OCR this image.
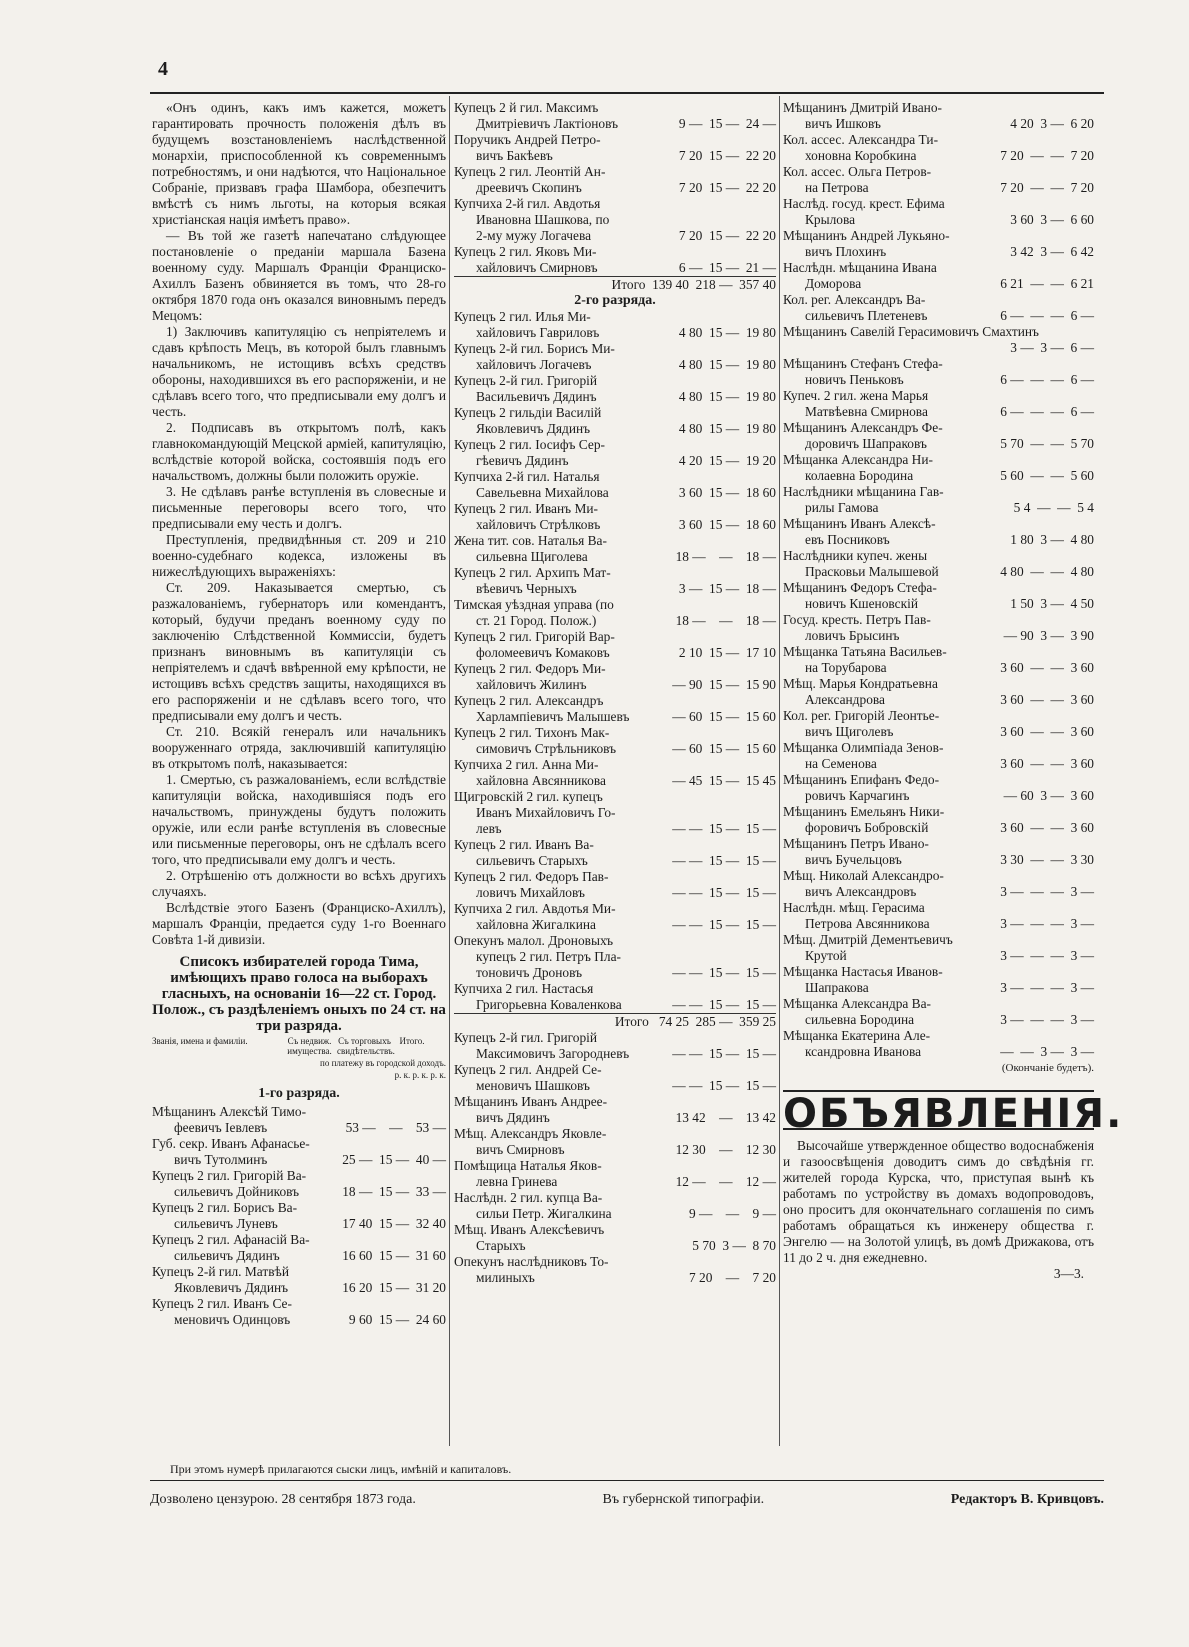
4

«Онъ одинъ, какъ имъ кажется, можетъ гарантировать прочность положенія дѣлъ въ будущемъ возстановленіемъ наслѣдственной монархіи, приспособленной къ современнымъ потребностямъ, и они надѣются, что Національное Собраніе, призвавъ графа Шамбора, обезпечитъ вмѣстѣ съ нимъ льготы, на которыя всякая христіанская нація имѣетъ право».

— Въ той же газетѣ напечатано слѣдующее постановленіе о преданіи маршала Базена военному суду. Маршалъ Франціи Франциско-Ахиллъ Базенъ обвиняется въ томъ, что 28-го октября 1870 года онъ оказался виновнымъ передъ Мецомъ:

1) Заключивъ капитуляцію съ непріятелемъ и сдавъ крѣпость Мецъ, въ которой былъ главнымъ начальникомъ, не истощивъ всѣхъ средствъ обороны, находившихся въ его распоряженіи, и не сдѣлавъ всего того, что предписывали ему долгъ и честь.

2. Подписавъ въ открытомъ полѣ, какъ главнокомандующій Мецской арміей, капитуляцію, вслѣдствіе которой войска, состоявшія подъ его начальствомъ, должны были положить оружіе.

3. Не сдѣлавъ ранѣе вступленія въ словесные и письменные переговоры всего того, что предписывали ему честь и долгъ.

Преступленія, предвидѣнныя ст. 209 и 210 военно-судебнаго кодекса, изложены въ нижеслѣдующихъ выраженіяхъ:

Ст. 209. Наказывается смертью, съ разжалованіемъ, губернаторъ или комендантъ, который, будучи преданъ военному суду по заключенію Слѣдственной Коммиссіи, будетъ признанъ виновнымъ въ капитуляціи съ непріятелемъ и сдачѣ ввѣренной ему крѣпости, не истощивъ всѣхъ средствъ защиты, находящихся въ его распоряженіи и не сдѣлавъ всего того, что предписывали ему долгъ и честь.

Ст. 210. Всякій генералъ или начальникъ вооруженнаго отряда, заключившій капитуляцію въ открытомъ полѣ, наказывается:

1. Смертью, съ разжалованіемъ, если вслѣдствіе капитуляціи войска, находившіяся подъ его начальствомъ, принуждены будутъ положить оружіе, или если ранѣе вступленія въ словесные или письменные переговоры, онъ не сдѣлалъ всего того, что предписывали ему долгъ и честь.

2. Отрѣшенію отъ должности во всѣхъ другихъ случаяхъ.

Вслѣдствіе этого Базенъ (Франциско-Ахиллъ), маршалъ Франціи, предается суду 1-го Военнаго Совѣта 1-й дивизіи.

Списокъ избирателей города Тима, имѣющихъ право голоса на выборахъ гласныхъ, на основаніи 16—22 ст. Город. Полож., съ раздѣленіемъ оныхъ по 24 ст. на три разряда.
Званія, имена и фамиліи.	Съ недвиж. имущества.
Съ торговыхъ свидѣтельствъ.
Итого.
по платежу въ городской доходъ.
р. к. р. к. р. к.
1-го разряда.
Мѣщанинъ Алексѣй Тимо-
феевичъ Іевлевъ	53 —    —    53 —
Губ. секр. Иванъ Афанасье-
вичъ Тутолминъ	25 —  15 —  40 —
Купецъ 2 гил. Григорій Ва-
сильевичъ Дойниковъ	18 —  15 —  33 —
Купецъ 2 гил. Борисъ Ва-
сильевичъ Луневъ	17 40  15 —  32 40
Купецъ 2 гил. Афанасій Ва-
сильевичъ Дядинъ	16 60  15 —  31 60
Купецъ 2-й гил. Матвѣй
Яковлевичъ Дядинъ	16 20  15 —  31 20
Купецъ 2 гил. Иванъ Се-
меновичъ Одинцовъ	9 60  15 —  24 60
Купецъ 2 й гил. Максимъ
Дмитріевичъ Лактіоновъ	9 —  15 —  24 —
Поручикъ Андрей Петро-
вичъ Бакѣевъ	7 20  15 —  22 20
Купецъ 2 гил. Леонтій Ан-
дреевичъ Скопинъ	7 20  15 —  22 20
Купчиха 2-й гил. Авдотья
Ивановна Шашкова, по
2-му мужу Логачева	7 20  15 —  22 20
Купецъ 2 гил. Яковъ Ми-
хайловичъ Смирновъ	6 —  15 —  21 —
Итого  139 40  218 —  357 40
2-го разряда.
Купецъ 2 гил. Илья Ми-
хайловичъ Гавриловъ	4 80  15 —  19 80
Купецъ 2-й гил. Борисъ Ми-
хайловичъ Логачевъ	4 80  15 —  19 80
Купецъ 2-й гил. Григорій
Васильевичъ Дядинъ	4 80  15 —  19 80
Купецъ 2 гильдіи Василій
Яковлевичъ Дядинъ	4 80  15 —  19 80
Купецъ 2 гил. Іосифъ Сер-
гѣевичъ Дядинъ	4 20  15 —  19 20
Купчиха 2-й гил. Наталья
Савельевна Михайлова	3 60  15 —  18 60
Купецъ 2 гил. Иванъ Ми-
хайловичъ Стрѣлковъ	3 60  15 —  18 60
Жена тит. сов. Наталья Ва-
сильевна Щиголева	18 —    —    18 —
Купецъ 2 гил. Архипъ Мат-
вѣевичъ Черныхъ	3 —  15 —  18 —
Тимская уѣздная управа (по
ст. 21 Город. Полож.)	18 —    —    18 —
Купецъ 2 гил. Григорій Вар-
фоломеевичъ Комаковъ	2 10  15 —  17 10
Купецъ 2 гил. Федоръ Ми-
хайловичъ Жилинъ	— 90  15 —  15 90
Купецъ 2 гил. Александръ
Харлампіевичъ Малышевъ	— 60  15 —  15 60
Купецъ 2 гил. Тихонъ Мак-
симовичъ Стрѣльниковъ	— 60  15 —  15 60
Купчиха 2 гил. Анна Ми-
хайловна Авсянникова	— 45  15 —  15 45
Щигровскій 2 гил. купецъ
Иванъ Михайловичъ Го-
левъ	— —  15 —  15 —
Купецъ 2 гил. Иванъ Ва-
сильевичъ Старыхъ	— —  15 —  15 —
Купецъ 2 гил. Федоръ Пав-
ловичъ Михайловъ	— —  15 —  15 —
Купчиха 2 гил. Авдотья Ми-
хайловна Жигалкина	— —  15 —  15 —
Опекунъ малол. Дроновыхъ
купецъ 2 гил. Петръ Пла-
тоновичъ Дроновъ	— —  15 —  15 —
Купчиха 2 гил. Настасья
Григорьевна Коваленкова	— —  15 —  15 —
Итого   74 25  285 —  359 25
Купецъ 2-й гил. Григорій
Максимовичъ Загородневъ	— —  15 —  15 —
Купецъ 2 гил. Андрей Се-
меновичъ Шашковъ	— —  15 —  15 —
Мѣщанинъ Иванъ Андрее-
вичъ Дядинъ	13 42    —    13 42
Мѣщ. Александръ Яковле-
вичъ Смирновъ	12 30    —    12 30
Помѣщица Наталья Яков-
левна Гринева	12 —    —    12 —
Наслѣдн. 2 гил. купца Ва-
сильи Петр. Жигалкина	9 —    —    9 —
Мѣщ. Иванъ Алексѣевичъ
Старыхъ	5 70  3 —  8 70
Опекунъ наслѣдниковъ То-
милиныхъ	7 20    —    7 20
Мѣщанинъ Дмитрій Ивано-
вичъ Ишковъ	4 20  3 —  6 20
Кол. ассес. Александра Ти-
хоновна Коробкина	7 20  —  —  7 20
Кол. ассес. Ольга Петров-
на Петрова	7 20  —  —  7 20
Наслѣд. госуд. крест. Ефима
Крылова	3 60  3 —  6 60
Мѣщанинъ Андрей Лукьяно-
вичъ Плохинъ	3 42  3 —  6 42
Наслѣдн. мѣщанина Ивана
Доморова	6 21  —  —  6 21
Кол. рег. Александръ Ва-
сильевичъ Плетеневъ	6 —  —  —  6 —
Мѣщанинъ Савелій Герасимовичъ Смахтинъ
3 —  3 —  6 —
Мѣщанинъ Стефанъ Стефа-
новичъ Пеньковъ	6 —  —  —  6 —
Купеч. 2 гил. жена Марья
Матвѣевна Смирнова	6 —  —  —  6 —
Мѣщанинъ Александръ Фе-
доровичъ Шапраковъ	5 70  —  —  5 70
Мѣщанка Александра Ни-
колаевна Бородина	5 60  —  —  5 60
Наслѣдники мѣщанина Гав-
рилы Гамова	5 4  —  —  5 4
Мѣщанинъ Иванъ Алексѣ-
евъ Посниковъ	1 80  3 —  4 80
Наслѣдники купеч. жены
Прасковьи Малышевой	4 80  —  —  4 80
Мѣщанинъ Федоръ Стефа-
новичъ Кшеновскій	1 50  3 —  4 50
Госуд. кресть. Петръ Пав-
ловичъ Брысинъ	— 90  3 —  3 90
Мѣщанка Татьяна Васильев-
на Торубарова	3 60  —  —  3 60
Мѣщ. Марья Кондратьевна
Александрова	3 60  —  —  3 60
Кол. рег. Григорій Леонтье-
вичъ Щиголевъ	3 60  —  —  3 60
Мѣщанка Олимпіада Зенов-
на Семенова	3 60  —  —  3 60
Мѣщанинъ Епифанъ Федо-
ровичъ Карчагинъ	— 60  3 —  3 60
Мѣщанинъ Емельянъ Ники-
форовичъ Бобровскій	3 60  —  —  3 60
Мѣщанинъ Петръ Ивано-
вичъ Бучельцовъ	3 30  —  —  3 30
Мѣщ. Николай Александро-
вичъ Александровъ	3 —  —  —  3 —
Наслѣдн. мѣщ. Герасима
Петрова Авсянникова	3 —  —  —  3 —
Мѣщ. Дмитрій Дементьевичъ
Крутой	3 —  —  —  3 —
Мѣщанка Настасья Иванов-
Шапракова	3 —  —  —  3 —
Мѣщанка Александра Ва-
сильевна Бородина	3 —  —  —  3 —
Мѣщанка Екатерина Але-
ксандровна Иванова	—  —  3 —  3 —
(Окончаніе будетъ).
ОБЪЯВЛЕНІЯ.

Высочайше утвержденное общество водоснабженія и газоосвѣщенія доводитъ симъ до свѣдѣнія гг. жителей города Курска, что, приступая вынѣ къ работамъ по устройству въ домахъ водопроводовъ, оно проситъ для окончательнаго соглашенія по симъ работамъ обращаться къ инженеру общества г. Энгелю — на Золотой улицѣ, въ домѣ Дрижакова, отъ 11 до 2 ч. дня ежедневно.

3—3.
При этомъ нумерѣ прилагаются сыски лицъ, имѣній и капиталовъ.
Дозволено цензурою. 28 сентября 1873 года.	Въ губернской типографіи.	Редакторъ В. Кривцовъ.
